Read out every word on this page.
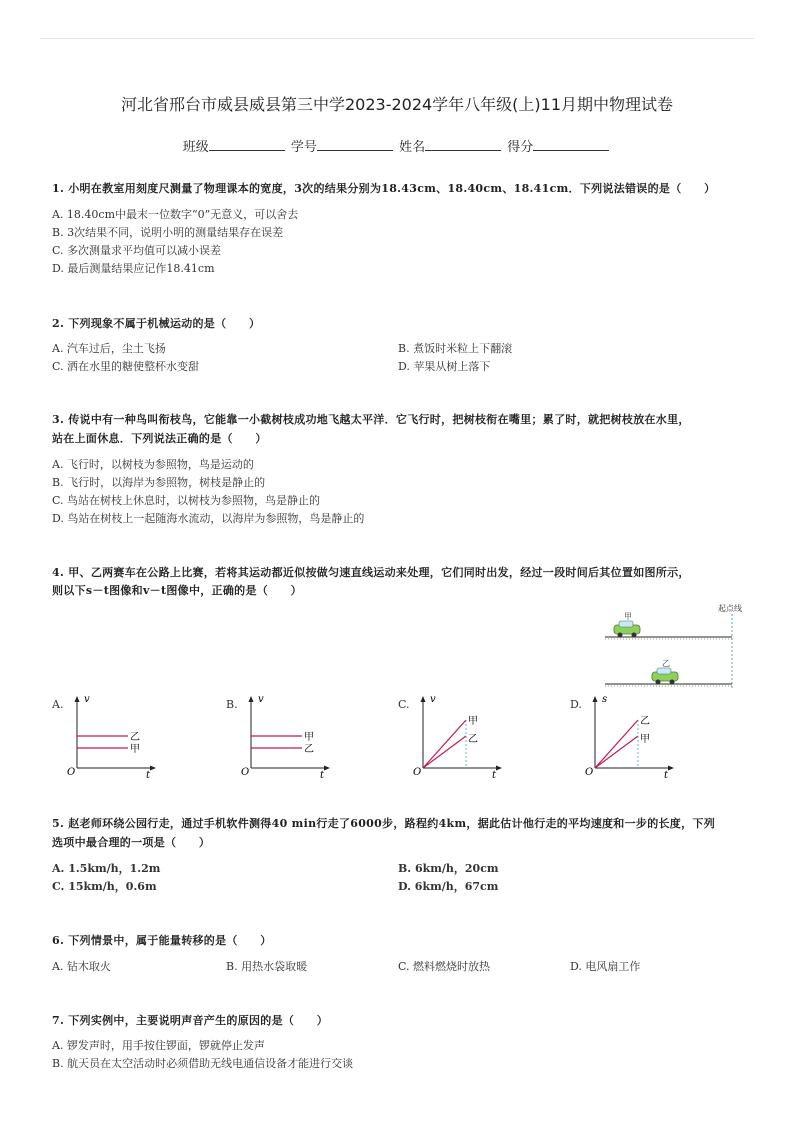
河北省邢台市威县威县第三中学2023-2024学年八年级(上)11月期中物理试卷
班级	学号	姓名	得分
1. 小明在教室用刻度尺测量了物理课本的宽度，3次的结果分别为18.43cm、18.40cm、18.41cm．下列说法错误的是（　　）
A. 18.40cm中最末一位数字“0”无意义，可以舍去
B. 3次结果不同，说明小明的测量结果存在误差
C. 多次测量求平均值可以减小误差
D. 最后测量结果应记作18.41cm
2. 下列现象不属于机械运动的是（　　）
A. 汽车过后，尘土飞扬	B. 煮饭时米粒上下翻滚
C. 洒在水里的糖使整杯水变甜	D. 苹果从树上落下
3. 传说中有一种鸟叫衔枝鸟，它能靠一小截树枝成功地飞越太平洋．它飞行时，把树枝衔在嘴里；累了时，就把树枝放在水里，
站在上面休息．下列说法正确的是（　　）
A. 飞行时，以树枝为参照物，鸟是运动的
B. 飞行时，以海岸为参照物，树枝是静止的
C. 鸟站在树枝上休息时，以树枝为参照物，鸟是静止的
D. 鸟站在树枝上一起随海水流动，以海岸为参照物，鸟是静止的
4. 甲、乙两赛车在公路上比赛，若将其运动都近似按做匀速直线运动来处理，它们同时出发，经过一段时间后其位置如图所示，
则以下s－t图像和v－t图像中，正确的是（　　）
起点线
甲
乙
A.	B.	C.	D.
v
t
O
乙
甲
v
t
O
甲
乙
v
t
O
甲
乙
s
t
O
乙
甲
5. 赵老师环绕公园行走，通过手机软件测得40 min行走了6000步，路程约4km，据此估计他行走的平均速度和一步的长度，下列
选项中最合理的一项是（　　）
A. 1.5km/h，1.2m	B. 6km/h，20cm
C. 15km/h，0.6m	D. 6km/h，67cm
6. 下列情景中，属于能量转移的是（　　）
A. 钻木取火	B. 用热水袋取暖	C. 燃料燃烧时放热	D. 电风扇工作
7. 下列实例中，主要说明声音产生的原因的是（　　）
A. 锣发声时，用手按住锣面，锣就停止发声
B. 航天员在太空活动时必须借助无线电通信设备才能进行交谈
